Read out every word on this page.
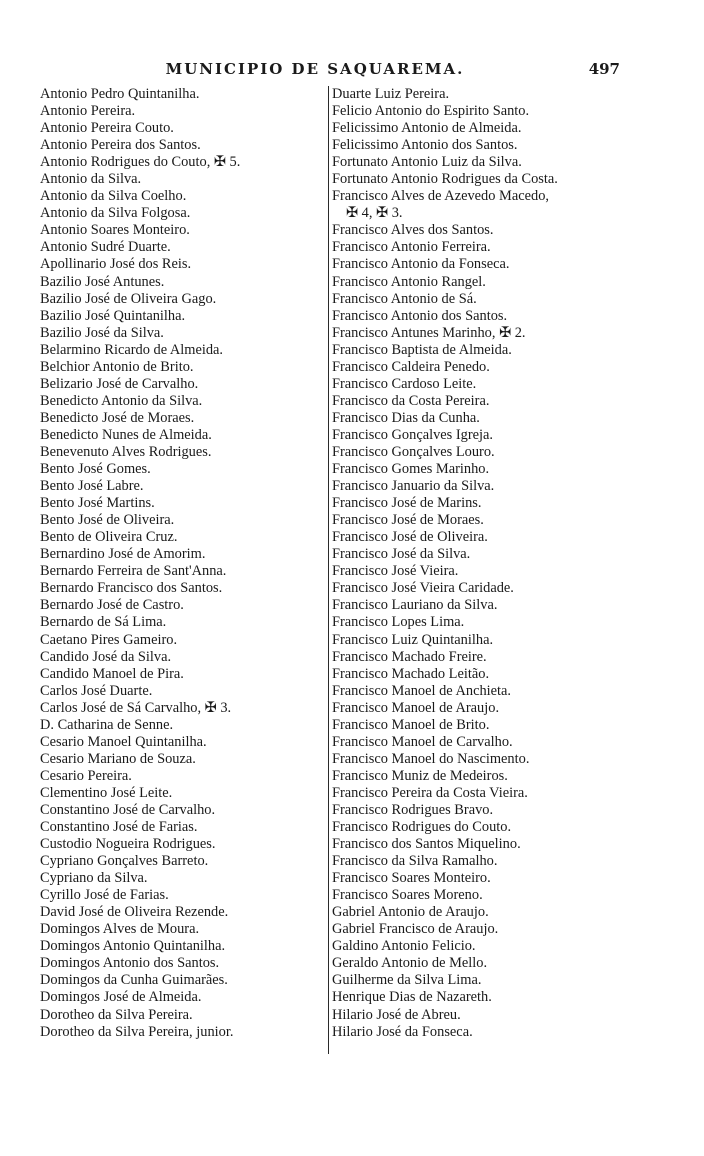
MUNICIPIO DE SAQUAREMA.	497
Antonio Pedro Quintanilha.
Antonio Pereira.
Antonio Pereira Couto.
Antonio Pereira dos Santos.
Antonio Rodrigues do Couto, ✠ 5.
Antonio da Silva.
Antonio da Silva Coelho.
Antonio da Silva Folgosa.
Antonio Soares Monteiro.
Antonio Sudré Duarte.
Apollinario José dos Reis.
Bazilio José Antunes.
Bazilio José de Oliveira Gago.
Bazilio José Quintanilha.
Bazilio José da Silva.
Belarmino Ricardo de Almeida.
Belchior Antonio de Brito.
Belizario José de Carvalho.
Benedicto Antonio da Silva.
Benedicto José de Moraes.
Benedicto Nunes de Almeida.
Benevenuto Alves Rodrigues.
Bento José Gomes.
Bento José Labre.
Bento José Martins.
Bento José de Oliveira.
Bento de Oliveira Cruz.
Bernardino José de Amorim.
Bernardo Ferreira de Sant'Anna.
Bernardo Francisco dos Santos.
Bernardo José de Castro.
Bernardo de Sá Lima.
Caetano Pires Gameiro.
Candido José da Silva.
Candido Manoel de Pira.
Carlos José Duarte.
Carlos José de Sá Carvalho, ✠ 3.
D. Catharina de Senne.
Cesario Manoel Quintanilha.
Cesario Mariano de Souza.
Cesario Pereira.
Clementino José Leite.
Constantino José de Carvalho.
Constantino José de Farias.
Custodio Nogueira Rodrigues.
Cypriano Gonçalves Barreto.
Cypriano da Silva.
Cyrillo José de Farias.
David José de Oliveira Rezende.
Domingos Alves de Moura.
Domingos Antonio Quintanilha.
Domingos Antonio dos Santos.
Domingos da Cunha Guimarães.
Domingos José de Almeida.
Dorotheo da Silva Pereira.
Dorotheo da Silva Pereira, junior.
Duarte Luiz Pereira.
Felicio Antonio do Espirito Santo.
Felicissimo Antonio de Almeida.
Felicissimo Antonio dos Santos.
Fortunato Antonio Luiz da Silva.
Fortunato Antonio Rodrigues da Costa.
Francisco Alves de Azevedo Macedo,
✠ 4, ✠ 3.
Francisco Alves dos Santos.
Francisco Antonio Ferreira.
Francisco Antonio da Fonseca.
Francisco Antonio Rangel.
Francisco Antonio de Sá.
Francisco Antonio dos Santos.
Francisco Antunes Marinho, ✠ 2.
Francisco Baptista de Almeida.
Francisco Caldeira Penedo.
Francisco Cardoso Leite.
Francisco da Costa Pereira.
Francisco Dias da Cunha.
Francisco Gonçalves Igreja.
Francisco Gonçalves Louro.
Francisco Gomes Marinho.
Francisco Januario da Silva.
Francisco José de Marins.
Francisco José de Moraes.
Francisco José de Oliveira.
Francisco José da Silva.
Francisco José Vieira.
Francisco José Vieira Caridade.
Francisco Lauriano da Silva.
Francisco Lopes Lima.
Francisco Luiz Quintanilha.
Francisco Machado Freire.
Francisco Machado Leitão.
Francisco Manoel de Anchieta.
Francisco Manoel de Araujo.
Francisco Manoel de Brito.
Francisco Manoel de Carvalho.
Francisco Manoel do Nascimento.
Francisco Muniz de Medeiros.
Francisco Pereira da Costa Vieira.
Francisco Rodrigues Bravo.
Francisco Rodrigues do Couto.
Francisco dos Santos Miquelino.
Francisco da Silva Ramalho.
Francisco Soares Monteiro.
Francisco Soares Moreno.
Gabriel Antonio de Araujo.
Gabriel Francisco de Araujo.
Galdino Antonio Felicio.
Geraldo Antonio de Mello.
Guilherme da Silva Lima.
Henrique Dias de Nazareth.
Hilario José de Abreu.
Hilario José da Fonseca.
